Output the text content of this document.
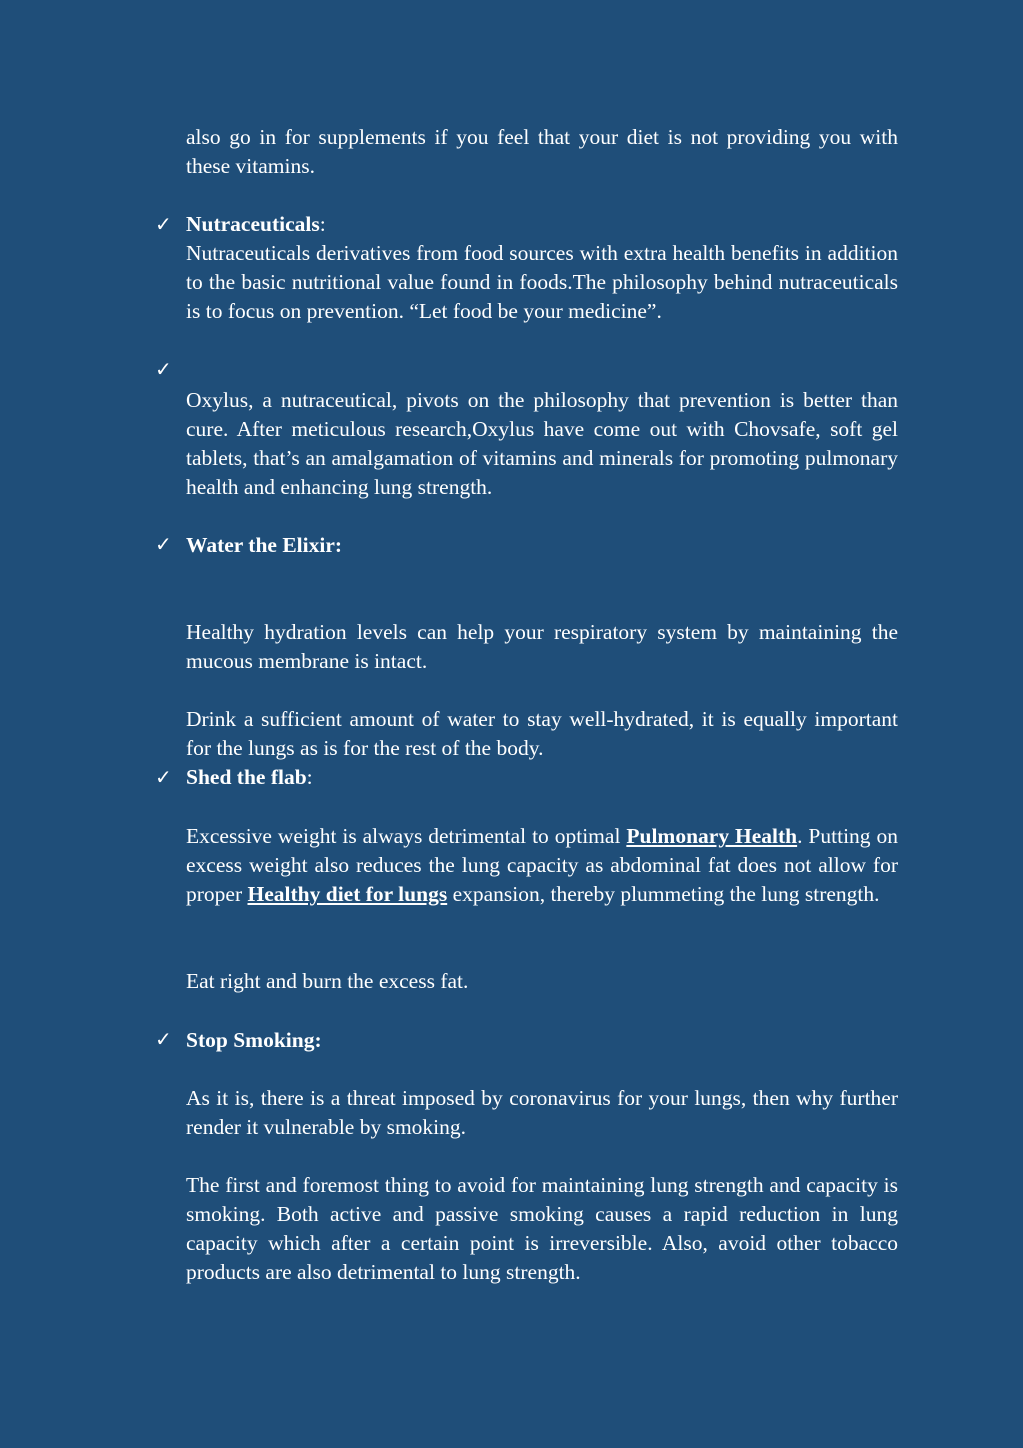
also go in for supplements if you feel that your diet is not providing you with these vitamins.

✓ Nutraceuticals:

Nutraceuticals derivatives from food sources with extra health benefits in addition to the basic nutritional value found in foods.The philosophy behind nutraceuticals is to focus on prevention. “Let food be your medicine”.

✓

Oxylus, a nutraceutical, pivots on the philosophy that prevention is better than cure. After meticulous research,Oxylus have come out with Chovsafe, soft gel tablets, that’s an amalgamation of vitamins and minerals for promoting pulmonary health and enhancing lung strength.

✓ Water the Elixir:

Healthy hydration levels can help your respiratory system by maintaining the mucous membrane is intact.

Drink a sufficient amount of water to stay well-hydrated, it is equally important for the lungs as is for the rest of the body.

✓ Shed the flab:

Excessive weight is always detrimental to optimal Pulmonary Health. Putting on excess weight also reduces the lung capacity as abdominal fat does not allow for proper Healthy diet for lungs expansion, thereby plummeting the lung strength.

Eat right and burn the excess fat.

✓ Stop Smoking:

As it is, there is a threat imposed by coronavirus for your lungs, then why further render it vulnerable by smoking.

The first and foremost thing to avoid for maintaining lung strength and capacity is smoking. Both active and passive smoking causes a rapid reduction in lung capacity which after a certain point is irreversible. Also, avoid other tobacco products are also detrimental to lung strength.
